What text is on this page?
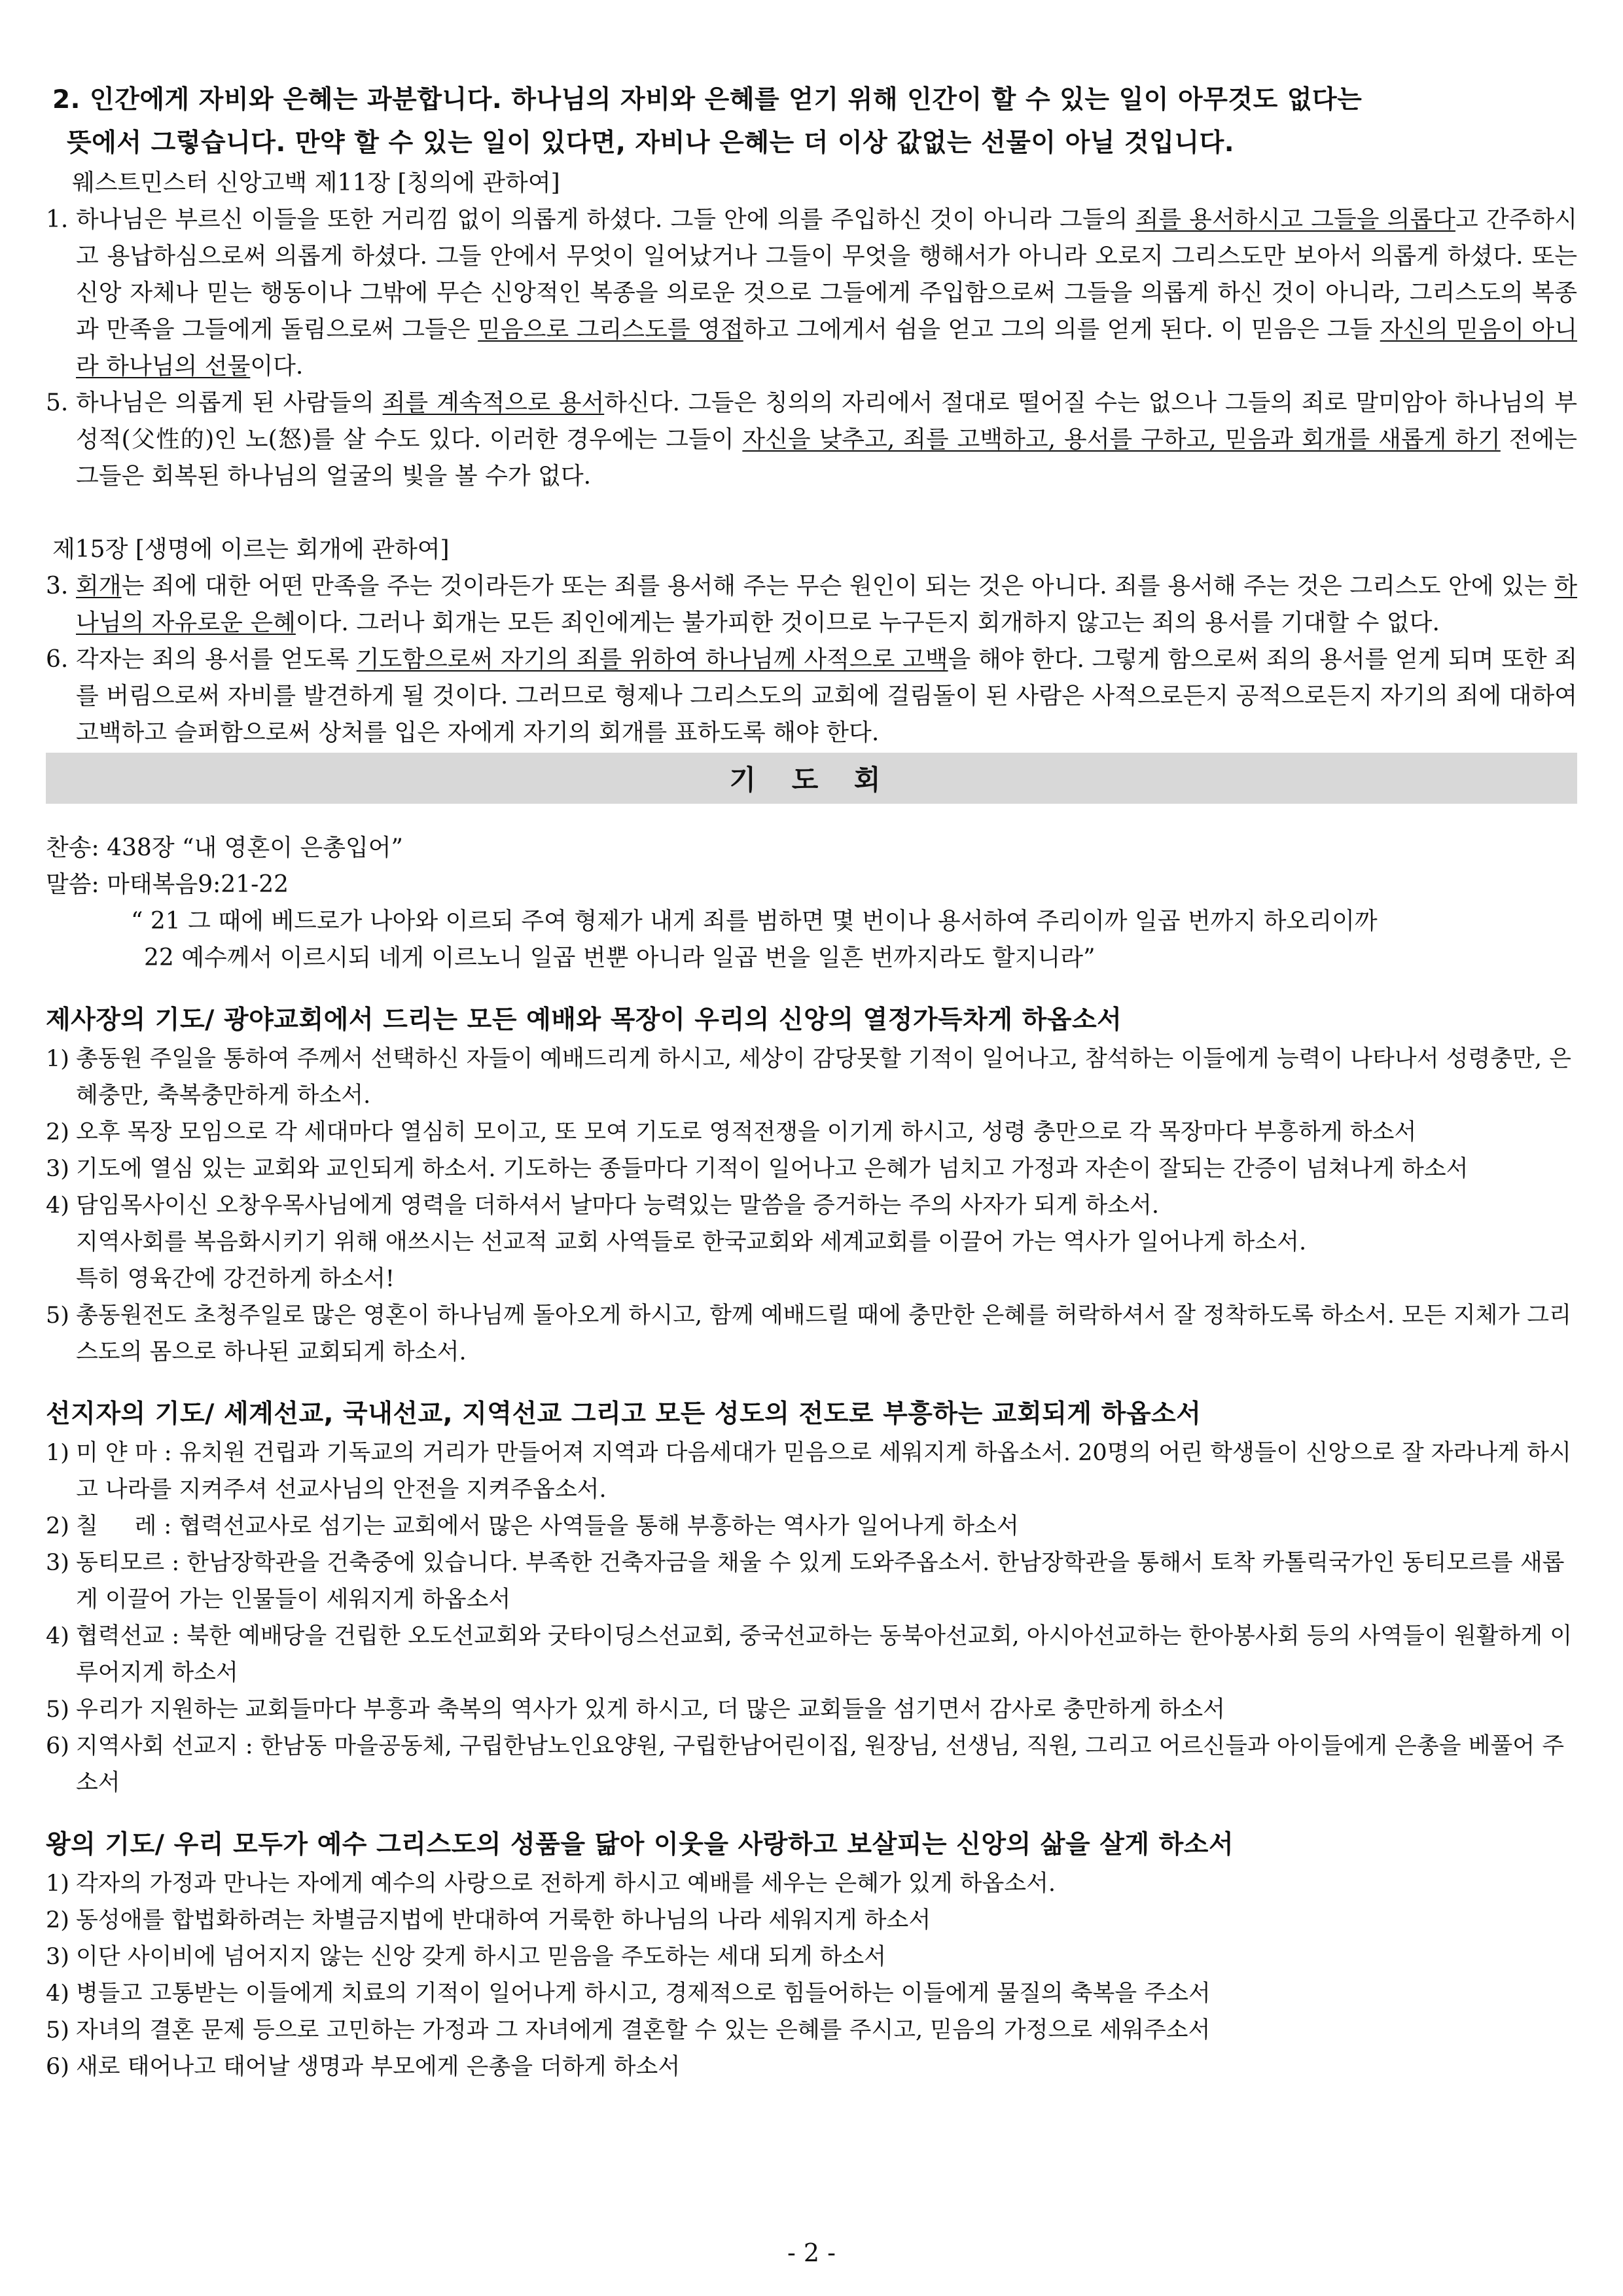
2. 인간에게 자비와 은혜는 과분합니다. 하나님의 자비와 은혜를 얻기 위해 인간이 할 수 있는 일이 아무것도 없다는
뜻에서 그렇습니다. 만약 할 수 있는 일이 있다면, 자비나 은혜는 더 이상 값없는 선물이 아닐 것입니다.

웨스트민스터 신앙고백 제11장 [칭의에 관하여]

1. 하나님은 부르신 이들을 또한 거리낌 없이 의롭게 하셨다. 그들 안에 의를 주입하신 것이 아니라 그들의 죄를 용서하시고 그들을 의롭다고 간주하시고 용납하심으로써 의롭게 하셨다. 그들 안에서 무엇이 일어났거나 그들이 무엇을 행해서가 아니라 오로지 그리스도만 보아서 의롭게 하셨다. 또는 신앙 자체나 믿는 행동이나 그밖에 무슨 신앙적인 복종을 의로운 것으로 그들에게 주입함으로써 그들을 의롭게 하신 것이 아니라, 그리스도의 복종과 만족을 그들에게 돌림으로써 그들은 믿음으로 그리스도를 영접하고 그에게서 쉼을 얻고 그의 의를 얻게 된다. 이 믿음은 그들 자신의 믿음이 아니라 하나님의 선물이다.
5. 하나님은 의롭게 된 사람들의 죄를 계속적으로 용서하신다. 그들은 칭의의 자리에서 절대로 떨어질 수는 없으나 그들의 죄로 말미암아 하나님의 부성적(父性的)인 노(怒)를 살 수도 있다. 이러한 경우에는 그들이 자신을 낮추고, 죄를 고백하고, 용서를 구하고, 믿음과 회개를 새롭게 하기 전에는 그들은 회복된 하나님의 얼굴의 빛을 볼 수가 없다.

제15장 [생명에 이르는 회개에 관하여]

3. 회개는 죄에 대한 어떤 만족을 주는 것이라든가 또는 죄를 용서해 주는 무슨 원인이 되는 것은 아니다. 죄를 용서해 주는 것은 그리스도 안에 있는 하나님의 자유로운 은혜이다. 그러나 회개는 모든 죄인에게는 불가피한 것이므로 누구든지 회개하지 않고는 죄의 용서를 기대할 수 없다.
6. 각자는 죄의 용서를 얻도록 기도함으로써 자기의 죄를 위하여 하나님께 사적으로 고백을 해야 한다. 그렇게 함으로써 죄의 용서를 얻게 되며 또한 죄를 버림으로써 자비를 발견하게 될 것이다. 그러므로 형제나 그리스도의 교회에 걸림돌이 된 사람은 사적으로든지 공적으로든지 자기의 죄에 대하여 고백하고 슬퍼함으로써 상처를 입은 자에게 자기의 회개를 표하도록 해야 한다.
기 도 회

찬송: 438장 “내 영혼이 은총입어”

말씀: 마태복음9:21-22

“ 21 그 때에 베드로가 나아와 이르되 주여 형제가 내게 죄를 범하면 몇 번이나 용서하여 주리이까 일곱 번까지 하오리이까

22 예수께서 이르시되 네게 이르노니 일곱 번뿐 아니라 일곱 번을 일흔 번까지라도 할지니라”

제사장의 기도/ 광야교회에서 드리는 모든 예배와 목장이 우리의 신앙의 열정가득차게 하옵소서

1) 총동원 주일을 통하여 주께서 선택하신 자들이 예배드리게 하시고, 세상이 감당못할 기적이 일어나고, 참석하는 이들에게 능력이 나타나서 성령충만, 은혜충만, 축복충만하게 하소서.
2) 오후 목장 모임으로 각 세대마다 열심히 모이고, 또 모여 기도로 영적전쟁을 이기게 하시고, 성령 충만으로 각 목장마다 부흥하게 하소서
3) 기도에 열심 있는 교회와 교인되게 하소서. 기도하는 종들마다 기적이 일어나고 은혜가 넘치고 가정과 자손이 잘되는 간증이 넘쳐나게 하소서
4) 담임목사이신 오창우목사님에게 영력을 더하셔서 날마다 능력있는 말씀을 증거하는 주의 사자가 되게 하소서.

지역사회를 복음화시키기 위해 애쓰시는 선교적 교회 사역들로 한국교회와 세계교회를 이끌어 가는 역사가 일어나게 하소서.

특히 영육간에 강건하게 하소서!

5) 총동원전도 초청주일로 많은 영혼이 하나님께 돌아오게 하시고, 함께 예배드릴 때에 충만한 은혜를 허락하셔서 잘 정착하도록 하소서. 모든 지체가 그리스도의 몸으로 하나된 교회되게 하소서.

선지자의 기도/ 세계선교, 국내선교, 지역선교 그리고 모든 성도의 전도로 부흥하는 교회되게 하옵소서

1) 미 얀 마 : 유치원 건립과 기독교의 거리가 만들어져 지역과 다음세대가 믿음으로 세워지게 하옵소서. 20명의 어린 학생들이 신앙으로 잘 자라나게 하시고 나라를 지켜주셔 선교사님의 안전을 지켜주옵소서.
2) 칠     레 : 협력선교사로 섬기는 교회에서 많은 사역들을 통해 부흥하는 역사가 일어나게 하소서
3) 동티모르 : 한남장학관을 건축중에 있습니다. 부족한 건축자금을 채울 수 있게 도와주옵소서. 한남장학관을 통해서 토착 카톨릭국가인 동티모르를 새롭게 이끌어 가는 인물들이 세워지게 하옵소서
4) 협력선교 : 북한 예배당을 건립한 오도선교회와 굿타이딩스선교회, 중국선교하는 동북아선교회, 아시아선교하는 한아봉사회 등의 사역들이 원활하게 이루어지게 하소서
5) 우리가 지원하는 교회들마다 부흥과 축복의 역사가 있게 하시고, 더 많은 교회들을 섬기면서 감사로 충만하게 하소서
6) 지역사회 선교지 : 한남동 마을공동체, 구립한남노인요양원, 구립한남어린이집, 원장님, 선생님, 직원, 그리고 어르신들과 아이들에게 은총을 베풀어 주소서

왕의 기도/ 우리 모두가 예수 그리스도의 성품을 닮아 이웃을 사랑하고 보살피는 신앙의 삶을 살게 하소서

1) 각자의 가정과 만나는 자에게 예수의 사랑으로 전하게 하시고 예배를 세우는 은혜가 있게 하옵소서.
2) 동성애를 합법화하려는 차별금지법에 반대하여 거룩한 하나님의 나라 세워지게 하소서
3) 이단 사이비에 넘어지지 않는 신앙 갖게 하시고 믿음을 주도하는 세대 되게 하소서
4) 병들고 고통받는 이들에게 치료의 기적이 일어나게 하시고, 경제적으로 힘들어하는 이들에게 물질의 축복을 주소서
5) 자녀의 결혼 문제 등으로 고민하는 가정과 그 자녀에게 결혼할 수 있는 은혜를 주시고, 믿음의 가정으로 세워주소서
6) 새로 태어나고 태어날 생명과 부모에게 은총을 더하게 하소서
- 2 -
